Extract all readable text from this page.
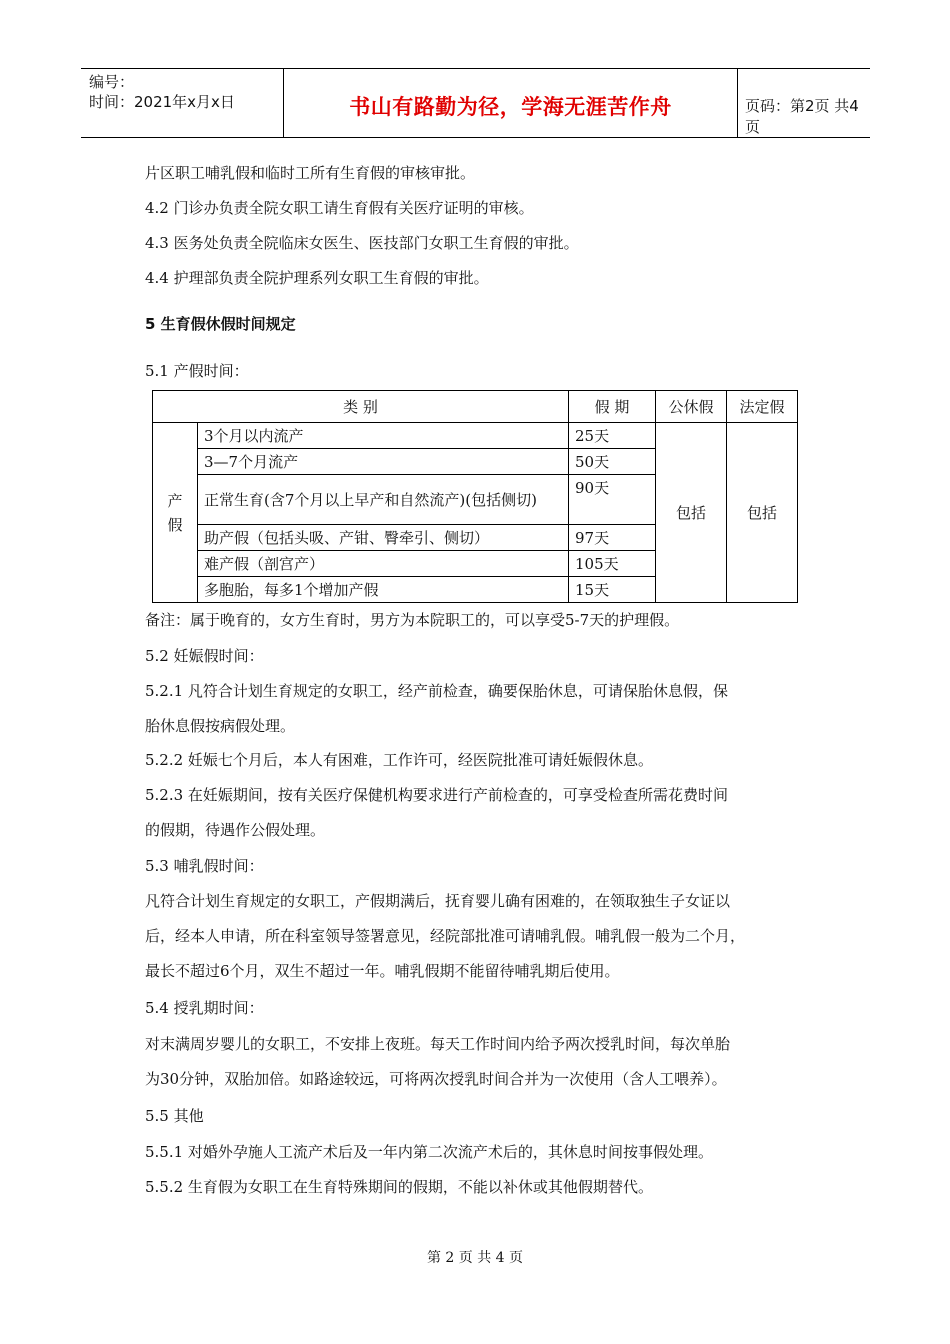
编号：
时间：2021年x月x日	书山有路勤为径，学海无涯苦作舟	页码：第2页 共4页
片区职工哺乳假和临时工所有生育假的审核审批。
4.2 门诊办负责全院女职工请生育假有关医疗证明的审核。
4.3 医务处负责全院临床女医生、医技部门女职工生育假的审批。
4.4 护理部负责全院护理系列女职工生育假的审批。
5 生育假休假时间规定
5.1 产假时间：
类 别		假 期	公休假	法定假
产
假	3个月以内流产	25天	包括	包括
	3—7个月流产	50天		
	正常生育(含7个月以上早产和自然流产)(包括侧切)	90天		
	助产假（包括头吸、产钳、臀牵引、侧切）	97天		
	难产假（剖宫产）	105天		
	多胞胎，每多1个增加产假	15天		
备注：属于晚育的，女方生育时，男方为本院职工的，可以享受5-7天的护理假。
5.2 妊娠假时间：
5.2.1 凡符合计划生育规定的女职工，经产前检查，确要保胎休息，可请保胎休息假，保
胎休息假按病假处理。
5.2.2 妊娠七个月后，本人有困难，工作许可，经医院批准可请妊娠假休息。
5.2.3 在妊娠期间，按有关医疗保健机构要求进行产前检查的，可享受检查所需花费时间
的假期，待遇作公假处理。
5.3 哺乳假时间：
凡符合计划生育规定的女职工，产假期满后，抚育婴儿确有困难的，在领取独生子女证以
后，经本人申请，所在科室领导签署意见，经院部批准可请哺乳假。哺乳假一般为二个月，
最长不超过6个月，双生不超过一年。哺乳假期不能留待哺乳期后使用。
5.4 授乳期时间：
对末满周岁婴儿的女职工，不安排上夜班。每天工作时间内给予两次授乳时间，每次单胎
为30分钟，双胎加倍。如路途较远，可将两次授乳时间合并为一次使用（含人工喂养）。
5.5 其他
5.5.1 对婚外孕施人工流产术后及一年内第二次流产术后的，其休息时间按事假处理。
5.5.2 生育假为女职工在生育特殊期间的假期，不能以补休或其他假期替代。
第 2 页 共 4 页
